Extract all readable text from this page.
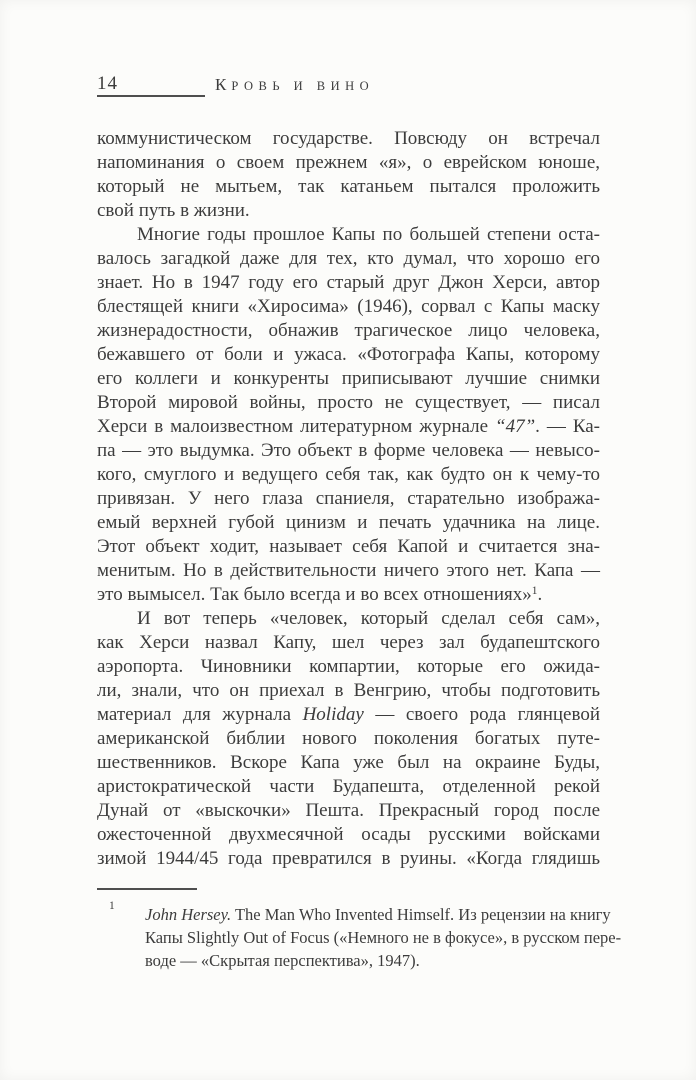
14	КРОВЬ И ВИНО
коммунистическом государстве. Повсюду он встречал
напоминания о своем прежнем «я», о еврейском юноше,
который не мытьем, так катаньем пытался проложить
свой путь в жизни.
Многие годы прошлое Капы по большей степени оста-
валось загадкой даже для тех, кто думал, что хорошо его
знает. Но в 1947 году его старый друг Джон Херси, автор
блестящей книги «Хиросима» (1946), сорвал с Капы маску
жизнерадостности, обнажив трагическое лицо человека,
бежавшего от боли и ужаса. «Фотографа Капы, которому
его коллеги и конкуренты приписывают лучшие снимки
Второй мировой войны, просто не существует, — писал
Херси в малоизвестном литературном журнале “47”. — Ка-
па — это выдумка. Это объект в форме человека — невысо-
кого, смуглого и ведущего себя так, как будто он к чему-то
привязан. У него глаза спаниеля, старательно изобража-
емый верхней губой цинизм и печать удачника на лице.
Этот объект ходит, называет себя Капой и считается зна-
менитым. Но в действительности ничего этого нет. Капа —
это вымысел. Так было всегда и во всех отношениях»$^1$.
И вот теперь «человек, который сделал себя сам»,
как Херси назвал Капу, шел через зал будапештского
аэропорта. Чиновники компартии, которые его ожида-
ли, знали, что он приехал в Венгрию, чтобы подготовить
материал для журнала Holiday — своего рода глянцевой
американской библии нового поколения богатых путе-
шественников. Вскоре Капа уже был на окраине Буды,
аристократической части Будапешта, отделенной рекой
Дунай от «выскочки» Пешта. Прекрасный город после
ожесточенной двухмесячной осады русскими войсками
зимой 1944/45 года превратился в руины. «Когда глядишь
1 John Hersey. The Man Who Invented Himself. Из рецензии на книгу
Капы Slightly Out of Focus («Немного не в фокусе», в русском пере-
воде — «Скрытая перспектива», 1947).
